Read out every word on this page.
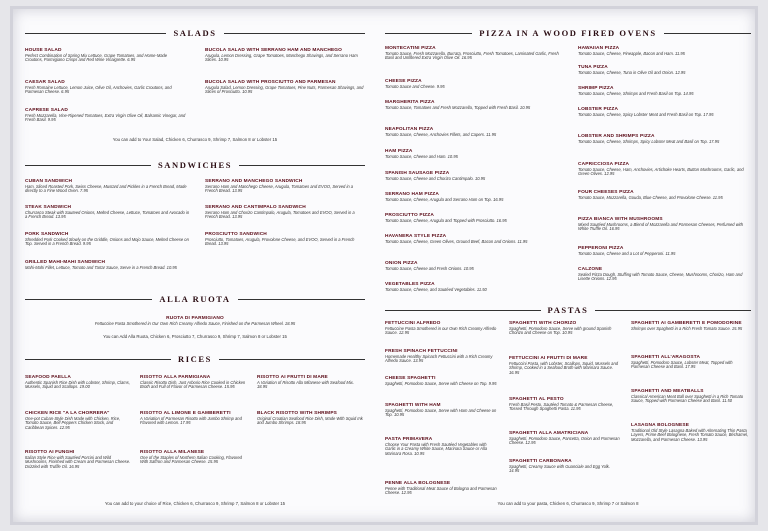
SALADS
HOUSE SALAD
Perfect Combination of Spring Mix Lettuce, Grape Tomatoes, and Home-Made Croutons, Parmigiano Crisps and Red Wine Vinaigrette. 6.95
BUCOLA SALAD WITH SERRANO HAM AND MANCHEGO
Arugula, Lemon Dressing, Grape Tomatoes, Manchego Shavings, and Serrano Ham Slices. 10.95
CAESAR SALAD
Fresh Romaine Lettuce, Lemon Juice, Olive Oil, Anchovies, Garlic Croutons, and Parmesan Cheese. 6.95
BUCOLA SALAD WITH PROSCIUTTO AND PARMESAN
Arugula Salad, Lemon Dressing, Grape Tomatoes, Pine Nuts, Parmesan Shavings, and Slices of Prosciutto. 10.95
CAPRESE SALAD
Fresh Mozzarella, Vine-Ripened Tomatoes, Extra Virgin Olive Oil, Balsamic Vinegar, and Fresh Basil. 9.95
You can add to Your Salad, Chicken 6, Churrasco 9, Shrimp 7, Salmon 8 or Lobster 15
SANDWICHES
CUBAN SANDWICH
Ham, Sliced Roasted Pork, Swiss Cheese, Mustard and Pickles in a French Bread, Made directly to a Fine Wood Oven. 7.95
SERRANO AND MANCHEGO SANDWICH
Serrano Ham and Manchego Cheese, Arugula, Tomatoes and EVOO, Served in a French Bread. 13.95
STEAK SANDWICH
Churrasco Steak with Sauteed Onions, Melted Cheese, Lettuce, Tomatoes and Avocado in a French Bread. 13.95
SERRANO AND CANTIMPALO SANDWICH
Serrano Ham and Chorizo Cantimpalo, Arugula, Tomatoes and EVOO, Served in a French Bread. 13.95
PORK SANDWICH
Shredded Pork Cooked Slowly on the Griddle, Onions and Mojo Sauce, Melted Cheese on Top. Served in a French Bread. 9.95
PROSCIUTTO SANDWICH
Prosciutto, Tomatoes, Arugula, Provolone Cheese, and EVOO, Served in a French Bread. 13.95
GRILLED MAHI-MAHI SANDWICH
Mahi-Mahi Fillet, Lettuce, Tomato and Tartar Sauce, Serve in a French Bread. 10.95
ALLA RUOTA
RUOTA DI PARMIGIANO
Fettuccine Pasta Smothered in Our Own Rich Creamy Alfredo Sauce, Finished on the Parmesan Wheel. 18.95
You can Add Alla Ruota, Chicken 6, Prosciutto 7, Churrasco 9, Shrimp 7, Salmon 8 or Lobster 15
RICES
SEAFOOD PAELLA
Authentic Spanish Rice Dish with Lobster, Shrimp, Clams, Mussels, Squid and Scallops. 19.00
RISOTTO ALLA PARMIGIANA
Classic Risotto Dish, Just Arborio Rice Cooked in Chicken Broth and Full of Flavor of Parmesan Cheese. 15.95
RISOTTO AI FRUTTI DI MARE
A Variation of Risotto Alla Milanese with Seafood Mix. 18.95
CHICKEN RICE "A LA CHORRERA"
One-pot Cuban-Style Dish Made with Chicken, Rice, Tomato Sauce, Bell Peppers Chicken Stock, and Caribbean Spices. 12.95
RISOTTO AL LIMONE E GAMBERETTI
A Variation of Parmesan Risotto with Jumbo Shrimp and Flavored with Lemon. 17.95
BLACK RISOTTO WITH SHRIMPS
Original Croatian Seafood Rice Dish, Made With Squid Ink and Jumbo Shrimps. 18.95
RISOTTO AI FUNGHI
Italian Style Rice with Sautéed Porcini and Wild Mushrooms, Finished with Cream and Parmesan Cheese. Drizzled with Truffle Oil. 16.95
RISOTTO ALLA MILANESE
One of the Staples of Northern Italian Cooking, Flavored With Saffron and Parmesan Cheese. 15.95
You can add to your choice of Rice, Chicken 6, Churrasco 9, Shrimp 7, Salmon 8 or Lobster 15
PIZZA IN A WOOD FIRED OVENS
MONTECATINI PIZZA
Tomato Sauce, Fresh Mozzarella, Burrata, Prosciutto, Fresh Tomatoes, Laminated Garlic, Fresh Basil and Unfiltered Extra Virgin Olive Oil. 16.95
HAWAIIAN PIZZA
Tomato Sauce, Cheese, Pineapple, Bacon and Ham. 11.95
TUNA PIZZA
Tomato Sauce, Cheese, Tuna in Olive Oil and Onion. 12.95
CHEESE PIZZA
Tomato Sauce and Cheese. 9.95	SHRIMP PIZZA
Tomato Sauce, Cheese, Shrimps and Fresh Basil on Top. 14.95
MARGHERITA PIZZA
Tomato Sauce, Tomatoes and Fresh Mozzarella, Topped with Fresh Basil. 10.95	LOBSTER PIZZA
Tomato Sauce, Cheese, Spicy Lobster Meat and Fresh Basil on Top. 17.95
NEAPOLITAN PIZZA
Tomato Sauce, Cheese, Anchovies Fillets, and Capers. 11.95	LOBSTER AND SHRIMPS PIZZA
Tomato Sauce, Cheese, Shrimps, Spicy Lobster Meat and Basil on Top. 17.95
HAM PIZZA
Tomato Sauce, Cheese and Ham. 10.95
CAPRICCIOSA PIZZA
Tomato Sauce, Cheese, Ham, Anchovies, Artichoke Hearts, Button Mushrooms, Garlic, and Green Olives. 12.95
SPANISH SAUSAGE PIZZA
Tomato Sauce, Cheese and Chorizo Cantimpalo. 10.95
FOUR CHEESES PIZZA
Tomato Sauce, Mozzarella, Gouda, Blue Cheese, and Provolone Cheese. 11.95
SERRANO HAM PIZZA
Tomato Sauce, Cheese, Arugula and Serrano Ham on Top. 16.95
PROSCIUTTO PIZZA
Tomato Sauce, Cheese, Arugula and Topped with Prosciutto. 16.95	PIZZA BIANCA WITH MUSHROOMS
Mixed Sautéed Mushrooms, a Blend of Mozzarella and Parmesan Cheeses, Perfumed with White Truffle Oil. 16.95
HAVANERA STYLE PIZZA
Tomato Sauce, Cheese, Green Olives, Ground Beef, Bacon and Onions. 11.95
PEPPERONI PIZZA
Tomato Sauce, Cheese and a Lot of Pepperoni. 11.95
ONION PIZZA
Tomato Sauce, Cheese and Fresh Onions. 10.95	CALZONE
Sealed Pizza Dough, Stuffing with Tomato Sauce, Cheese, Mushrooms, Chorizo, Ham and Lisette Onions. 12.95
VEGETABLES PIZZA
Tomato Sauce, Cheese, and Sautéed Vegetables. 11.50
PASTAS
FETTUCCINI ALFREDO
Fettuccine Pasta Smothered in our Own Rich Creamy Alfredo Sauce. 12.95
SPAGHETTI WITH CHORIZO
Spaghetti, Pomodoro Sauce, Serve with ground Spanish Chorizo and Cheese on Top. 10.95
SPAGHETTI AI GAMBERETTI E POMODORINE
Shrimps over Spaghetti in a Rich Fresh Tomato Sauce. 15.95
FRESH SPINACH FETTUCCINI
Homemade Healthy Spinach Fettuccini with a Rich Creamy Alfredo Sauce. 13.95	FETTUCCINI AI FRUTTI DI MARE
Fettuccini Pasta, with Lobster, Scallops, Squid, Mussels and Shrimp, Cooked in a Seafood Broth with Marinara Sauce. 16.95
SPAGHETTI ALL'ARAGOSTA
Spaghetti, Pomodoro Sauce, Lobster Meat, Topped with Parmesan Cheese and Basil. 17.95
CHEESE SPAGHETTI
Spaghetti, Pomodoro Sauce, Serve with Cheese on Top. 9.95
SPAGHETTI AND MEATBALLS
Classical American Meat Ball over Spaghetti in a Rich Tomato Sauce, Topped with Parmesan Cheese and Basil. 11.50
SPAGHETTI AL PESTO
Fresh Basil Pesto, Sautéed Tomato & Parmesan Cheese, Tossed Through Spaghetti Pasta. 11.95
SPAGHETTI WITH HAM
Spaghetti, Pomodoro Sauce, Serve with Ham and Cheese on Top. 10.95
LASAGNA BOLOGNESE
Traditional Old Style Lasagna Baked with Alternating Thin Pasta Layers, Prime Beef Bolognese, Fresh Tomato Sauce, Béchamel, Mozzarella, and Parmesan Cheese. 13.95
SPAGHETTI ALLA AMATRICIANA
Spaghetti, Pomodoro Sauce, Pancetta, Onion and Parmesan Cheese. 12.95
PASTA PRIMAVERA
Choose Your Pasta with Fresh Sautéed Vegetables with Garlic in a Creamy White Sauce, Marinara Sauce or Alla Marinara Rosa. 10.95
SPAGHETTI CARBONARA
Spaghetti, Creamy Sauce with Guanciale and Egg Yolk. 14.95
PENNE ALLA BOLOGNESE
Penne with Traditional Meat Sauce of Bologna and Parmesan Cheese. 12.95
You can add to your pasta, Chicken 6, Churrasco 9, Shrimp 7 or Salmon 8
